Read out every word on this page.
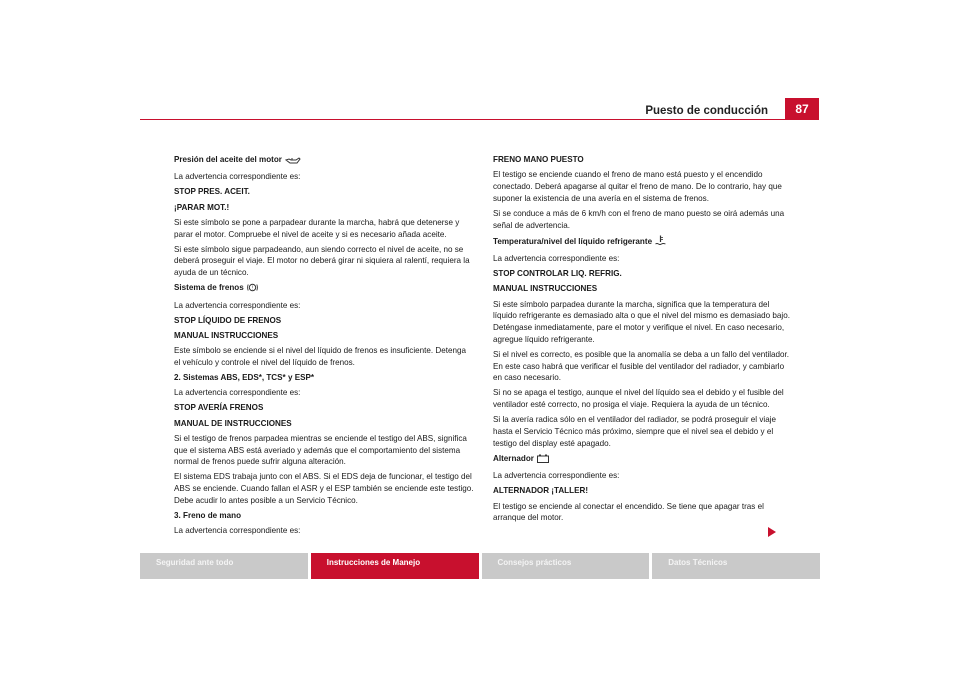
Puesto de conducción	87

Presión del aceite del motor

La advertencia correspondiente es:

STOP PRES. ACEIT.

¡PARAR MOT.!

Si este símbolo se pone a parpadear durante la marcha, habrá que detenerse y parar el motor. Compruebe el nivel de aceite y si es necesario añada aceite.

Si este símbolo sigue parpadeando, aun siendo correcto el nivel de aceite, no se deberá proseguir el viaje. El motor no deberá girar ni siquiera al ralentí, requiera la ayuda de un técnico.

Sistema de frenos !

La advertencia correspondiente es:

STOP LÍQUIDO DE FRENOS

MANUAL INSTRUCCIONES

Este símbolo se enciende si el nivel del líquido de frenos es insuficiente. Detenga el vehículo y controle el nivel del líquido de frenos.

2. Sistemas ABS, EDS*, TCS* y ESP*

La advertencia correspondiente es:

STOP AVERÍA FRENOS

MANUAL DE INSTRUCCIONES

Si el testigo de frenos parpadea mientras se enciende el testigo del ABS, significa que el sistema ABS está averiado y además que el comportamiento del sistema normal de frenos puede sufrir alguna alteración.

El sistema EDS trabaja junto con el ABS. Si el EDS deja de funcionar, el testigo del ABS se enciende. Cuando fallan el ASR y el ESP también se enciende este testigo. Debe acudir lo antes posible a un Servicio Técnico.

3. Freno de mano

La advertencia correspondiente es:

FRENO MANO PUESTO

El testigo se enciende cuando el freno de mano está puesto y el encendido conectado. Deberá apagarse al quitar el freno de mano. De lo contrario, hay que suponer la existencia de una avería en el sistema de frenos.

Si se conduce a más de 6 km/h con el freno de mano puesto se oirá además una señal de advertencia.

Temperatura/nivel del líquido refrigerante

La advertencia correspondiente es:

STOP CONTROLAR LIQ. REFRIG.

MANUAL INSTRUCCIONES

Si este símbolo parpadea durante la marcha, significa que la temperatura del líquido refrigerante es demasiado alta o que el nivel del mismo es demasiado bajo. Deténgase inmediatamente, pare el motor y verifique el nivel. En caso necesario, agregue líquido refrigerante.

Si el nivel es correcto, es posible que la anomalía se deba a un fallo del ventilador. En este caso habrá que verificar el fusible del ventilador del radiador, y cambiarlo en caso necesario.

Si no se apaga el testigo, aunque el nivel del líquido sea el debido y el fusible del ventilador esté correcto, no prosiga el viaje. Requiera la ayuda de un técnico.

Si la avería radica sólo en el ventilador del radiador, se podrá proseguir el viaje hasta el Servicio Técnico más próximo, siempre que el nivel sea el debido y el testigo del display esté apagado.

Alternador

La advertencia correspondiente es:

ALTERNADOR ¡TALLER!

El testigo se enciende al conectar el encendido. Se tiene que apagar tras el arranque del motor.

Seguridad ante todo	Instrucciones de Manejo	Consejos prácticos	Datos Técnicos
